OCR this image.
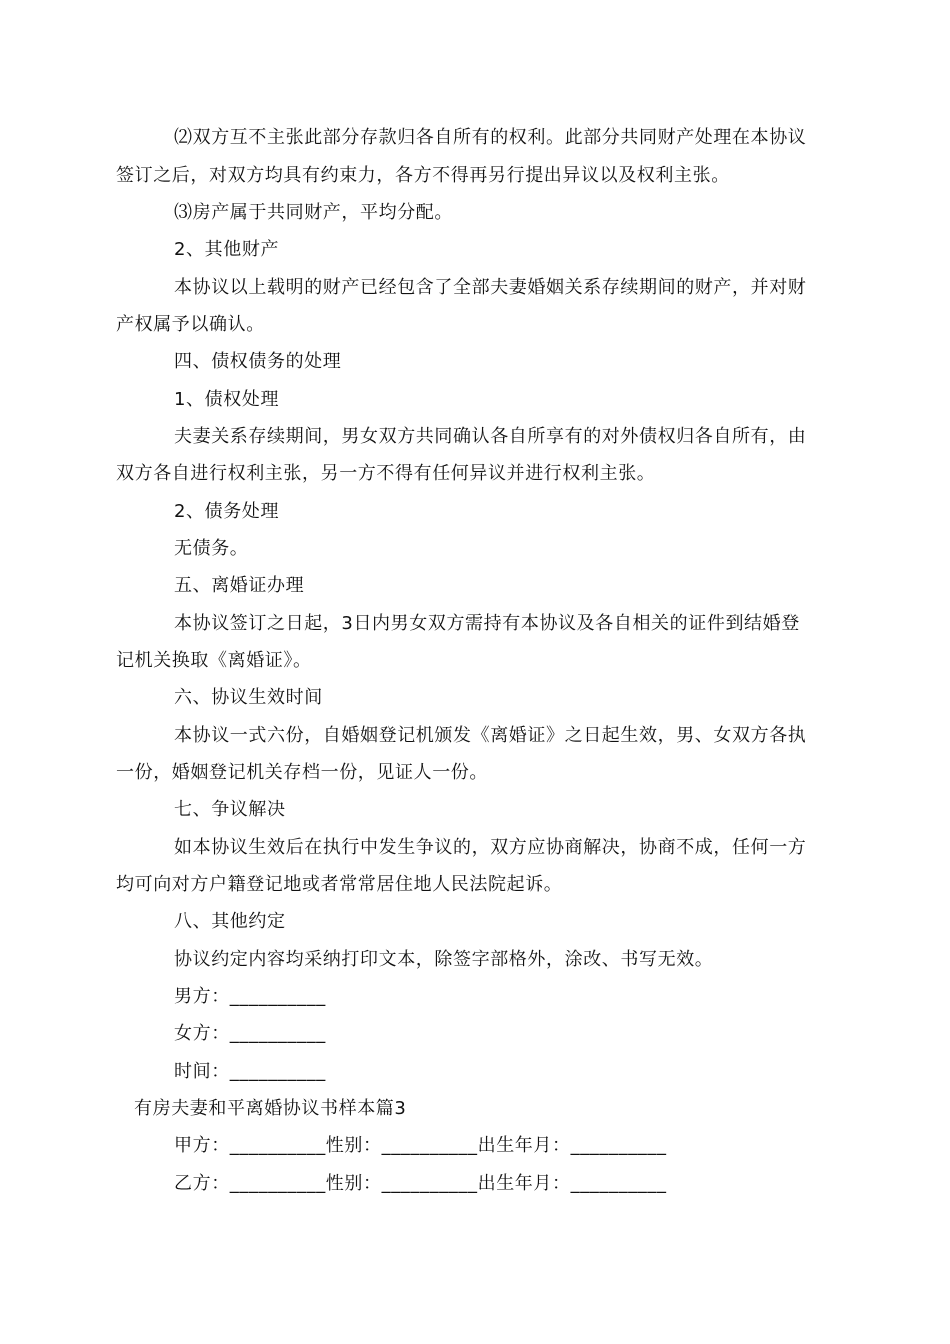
⑵双方互不主张此部分存款归各自所有的权利。此部分共同财产处理在本协议
签订之后，对双方均具有约束力，各方不得再另行提出异议以及权利主张。
⑶房产属于共同财产，平均分配。
2、其他财产
本协议以上载明的财产已经包含了全部夫妻婚姻关系存续期间的财产，并对财
产权属予以确认。
四、债权债务的处理
1、债权处理
夫妻关系存续期间，男女双方共同确认各自所享有的对外债权归各自所有，由
双方各自进行权利主张，另一方不得有任何异议并进行权利主张。
2、债务处理
无债务。
五、离婚证办理
本协议签订之日起，3日内男女双方需持有本协议及各自相关的证件到结婚登
记机关换取《离婚证》。
六、协议生效时间
本协议一式六份，自婚姻登记机颁发《离婚证》之日起生效，男、女双方各执
一份，婚姻登记机关存档一份，见证人一份。
七、争议解决
如本协议生效后在执行中发生争议的，双方应协商解决，协商不成，任何一方
均可向对方户籍登记地或者常常居住地人民法院起诉。
八、其他约定
协议约定内容均采纳打印文本，除签字部格外，涂改、书写无效。
男方：__________
女方：__________
时间：__________
有房夫妻和平离婚协议书样本篇3
甲方：__________性别：__________出生年月：__________
乙方：__________性别：__________出生年月：__________
